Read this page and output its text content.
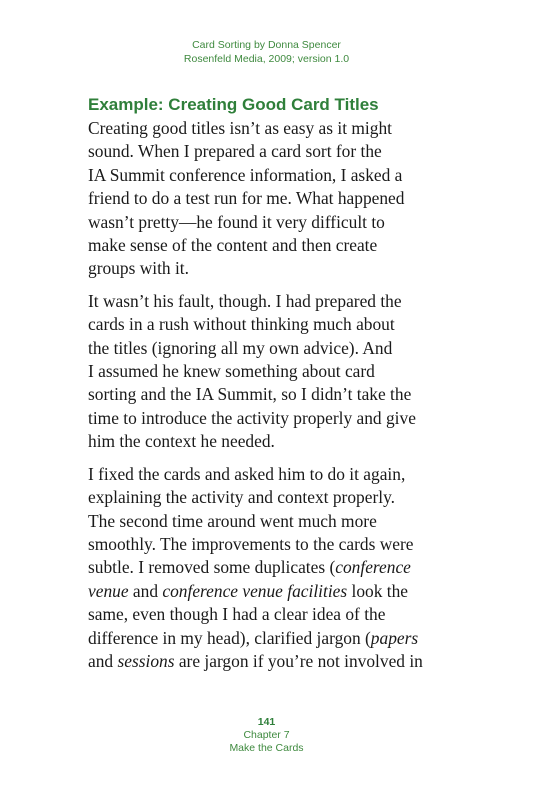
Card Sorting by Donna Spencer
Rosenfeld Media, 2009; version 1.0
Example: Creating Good Card Titles
Creating good titles isn’t as easy as it might
sound. When I prepared a card sort for the
IA Summit conference information, I asked a
friend to do a test run for me. What happened
wasn’t pretty—he found it very difficult to
make sense of the content and then create
groups with it.
It wasn’t his fault, though. I had prepared the
cards in a rush without thinking much about
the titles (ignoring all my own advice). And
I assumed he knew something about card
sorting and the IA Summit, so I didn’t take the
time to introduce the activity properly and give
him the context he needed.
I fixed the cards and asked him to do it again,
explaining the activity and context properly.
The second time around went much more
smoothly. The improvements to the cards were
subtle. I removed some duplicates (conference
venue and conference venue facilities look the
same, even though I had a clear idea of the
difference in my head), clarified jargon (papers
and sessions are jargon if you’re not involved in
141
Chapter 7
Make the Cards
